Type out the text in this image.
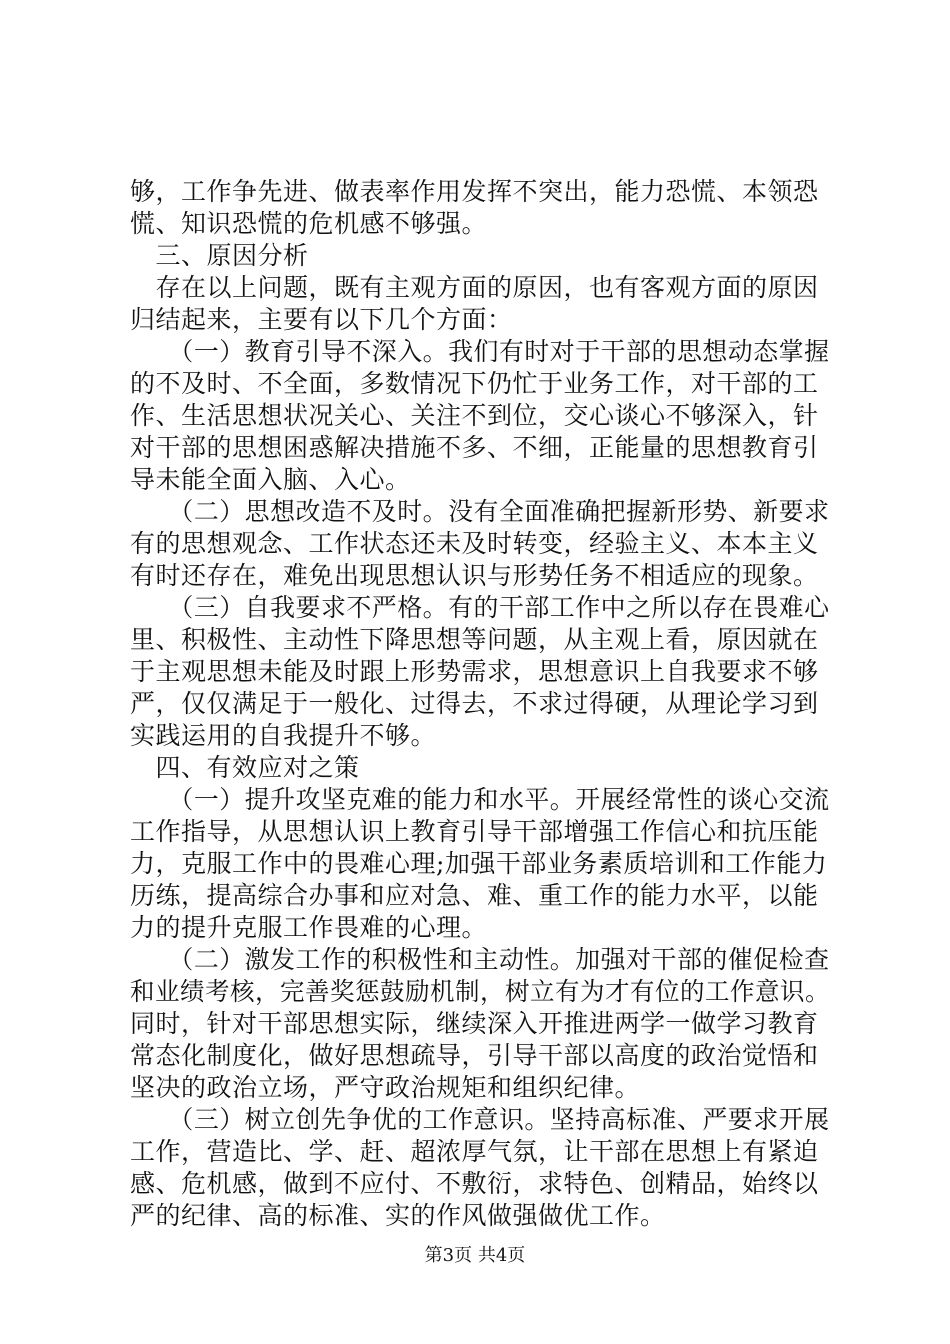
够，工作争先进、做表率作用发挥不突出，能力恐慌、本领恐
慌、知识恐慌的危机感不够强。
　三、原因分析
　存在以上问题，既有主观方面的原因，也有客观方面的原因
归结起来，主要有以下几个方面：
　　（一）教育引导不深入。我们有时对于干部的思想动态掌握
的不及时、不全面，多数情况下仍忙于业务工作，对干部的工
作、生活思想状况关心、关注不到位，交心谈心不够深入，针
对干部的思想困惑解决措施不多、不细，正能量的思想教育引
导未能全面入脑、入心。
　　（二）思想改造不及时。没有全面准确把握新形势、新要求
有的思想观念、工作状态还未及时转变，经验主义、本本主义
有时还存在，难免出现思想认识与形势任务不相适应的现象。
　　（三）自我要求不严格。有的干部工作中之所以存在畏难心
里、积极性、主动性下降思想等问题，从主观上看，原因就在
于主观思想未能及时跟上形势需求，思想意识上自我要求不够
严，仅仅满足于一般化、过得去，不求过得硬，从理论学习到
实践运用的自我提升不够。
　四、有效应对之策
　　（一）提升攻坚克难的能力和水平。开展经常性的谈心交流
工作指导，从思想认识上教育引导干部增强工作信心和抗压能
力，克服工作中的畏难心理;加强干部业务素质培训和工作能力
历练，提高综合办事和应对急、难、重工作的能力水平，以能
力的提升克服工作畏难的心理。
　　（二）激发工作的积极性和主动性。加强对干部的催促检查
和业绩考核，完善奖惩鼓励机制，树立有为才有位的工作意识。
同时，针对干部思想实际，继续深入开推进两学一做学习教育
常态化制度化，做好思想疏导，引导干部以高度的政治觉悟和
坚决的政治立场，严守政治规矩和组织纪律。
　　（三）树立创先争优的工作意识。坚持高标准、严要求开展
工作，营造比、学、赶、超浓厚气氛，让干部在思想上有紧迫
感、危机感，做到不应付、不敷衍，求特色、创精品，始终以
严的纪律、高的标准、实的作风做强做优工作。
第3页 共4页
